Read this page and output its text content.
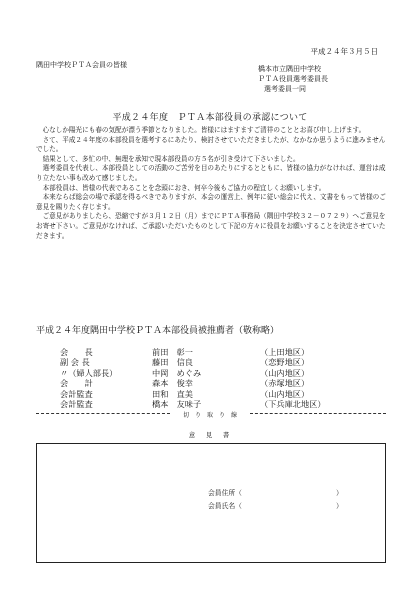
平成２４年３月５日
隅田中学校ＰＴＡ会員の皆様	橋本市立隅田中学校
ＰＴＡ役員選考委員長
選考委員一同
平成２４年度　ＰＴＡ本部役員の承認について

　心なしか陽光にも春の気配が漂う季節となりました。皆様にはますますご清祥のこととお喜び申し上げます。

　さて、平成２４年度の本部役員を選考するにあたり、検討させていただきましたが、なかなか思うように進みませんでした。

　結果として、多忙の中、無理を承知で現本部役員の方５名が引き受けて下さいました。

　選考委員を代表し、本部役員としての活動のご苦労を目のあたりにするとともに、皆様の協力がなければ、運営は成り立たない事も改めて感じました。

　本部役員は、皆様の代表であることを念頭におき、何卒今後もご協力の程宜しくお願いします。

　本来ならば総会の場で承認を得るべきでありますが、本会の運営上、例年に従い総会に代え、文書をもって皆様のご意見を賜りたく存じます。

　ご意見がありましたら、恐縮ですが３月１２日（月）までにＰＴＡ事務局（隅田中学校３２－０７２９）へご意見をお寄せ下さい。ご意見がなければ、ご承認いただいたものとして下記の方々に役員をお願いすることを決定させていただきます。

平成２４年度隅田中学校ＰＴＡ本部役員被推薦者（敬称略）
会　　長	前田　彰一	（上田地区）
副 会 長	藤田　信良	（恋野地区）
〃（婦人部長）	中岡　めぐみ	（山内地区）
会　　計	森本　俊幸	（赤塚地区）
会計監査	田和　直美	（山内地区）
会計監査	橋本　友味子	（下兵庫北地区）
切　り　取　り　線
意　見　書
会員住所（	）
会員氏名（	）
